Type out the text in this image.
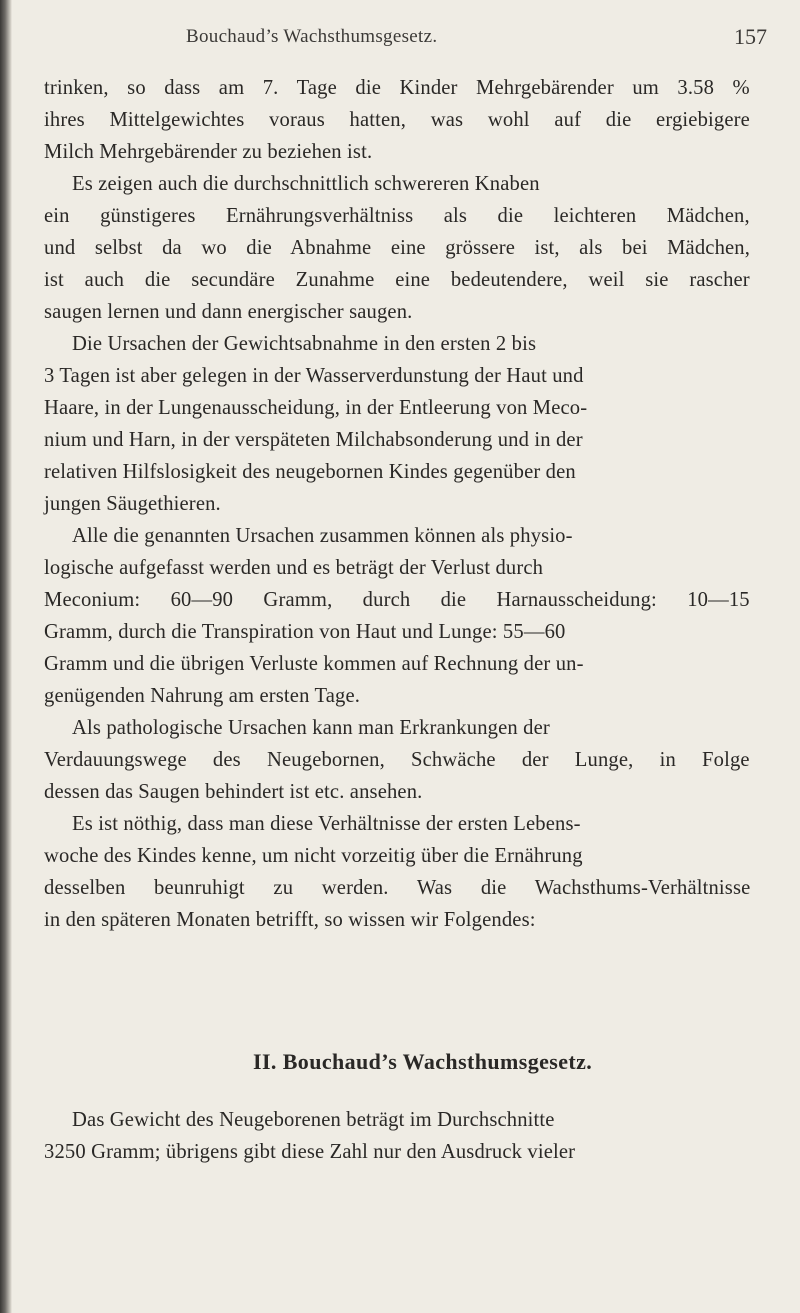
Bouchaud’s Wachsthumsgesetz.	157
trinken, so dass am 7. Tage die Kinder Mehrgebärender um 3.58 %
ihres Mittelgewichtes voraus hatten, was wohl auf die ergiebigere
Milch Mehrgebärender zu beziehen ist.
Es zeigen auch die durchschnittlich schwereren Knaben
ein günstigeres Ernährungsverhältniss als die leichteren Mädchen,
und selbst da wo die Abnahme eine grössere ist, als bei Mädchen,
ist auch die secundäre Zunahme eine bedeutendere, weil sie rascher
saugen lernen und dann energischer saugen.
Die Ursachen der Gewichtsabnahme in den ersten 2 bis
3 Tagen ist aber gelegen in der Wasserverdunstung der Haut und
Haare, in der Lungenausscheidung, in der Entleerung von Meco-
nium und Harn, in der verspäteten Milchabsonderung und in der
relativen Hilfslosigkeit des neugebornen Kindes gegenüber den
jungen Säugethieren.
Alle die genannten Ursachen zusammen können als physio-
logische aufgefasst werden und es beträgt der Verlust durch
Meconium: 60—90 Gramm, durch die Harnausscheidung: 10—15
Gramm, durch die Transpiration von Haut und Lunge: 55—60
Gramm und die übrigen Verluste kommen auf Rechnung der un-
genügenden Nahrung am ersten Tage.
Als pathologische Ursachen kann man Erkrankungen der
Verdauungswege des Neugebornen, Schwäche der Lunge, in Folge
dessen das Saugen behindert ist etc. ansehen.
Es ist nöthig, dass man diese Verhältnisse der ersten Lebens-
woche des Kindes kenne, um nicht vorzeitig über die Ernährung
desselben beunruhigt zu werden. Was die Wachsthums-Verhältnisse
in den späteren Monaten betrifft, so wissen wir Folgendes:
II. Bouchaud’s Wachsthumsgesetz.
Das Gewicht des Neugeborenen beträgt im Durchschnitte
3250 Gramm; übrigens gibt diese Zahl nur den Ausdruck vieler
